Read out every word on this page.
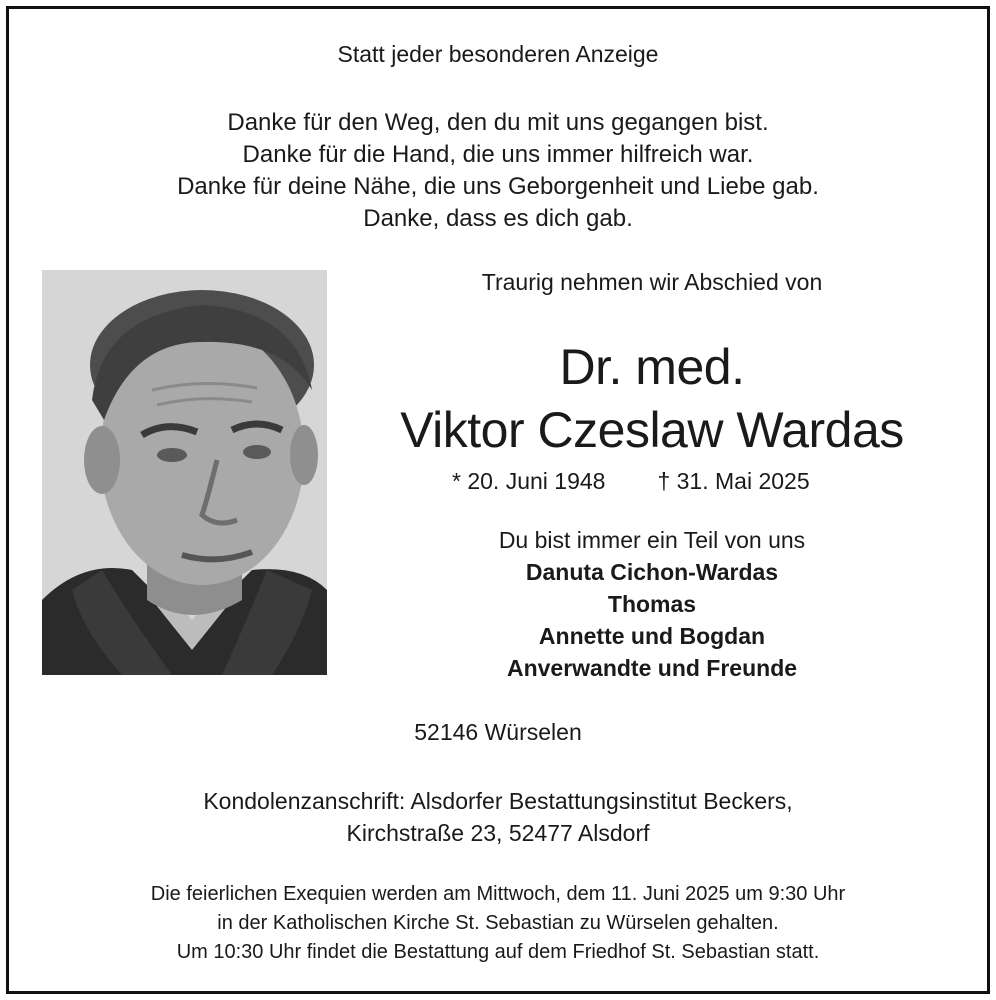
Statt jeder besonderen Anzeige
Danke für den Weg, den du mit uns gegangen bist.
Danke für die Hand, die uns immer hilfreich war.
Danke für deine Nähe, die uns Geborgenheit und Liebe gab.
Danke, dass es dich gab.
Traurig nehmen wir Abschied von
Dr. med.
Viktor Czeslaw Wardas
* 20. Juni 1948 † 31. Mai 2025
Du bist immer ein Teil von uns
Danuta Cichon-Wardas
Thomas
Annette und Bogdan
Anverwandte und Freunde
52146 Würselen
Kondolenzanschrift: Alsdorfer Bestattungsinstitut Beckers,
Kirchstraße 23, 52477 Alsdorf
Die feierlichen Exequien werden am Mittwoch, dem 11. Juni 2025 um 9:30 Uhr
in der Katholischen Kirche St. Sebastian zu Würselen gehalten.
Um 10:30 Uhr findet die Bestattung auf dem Friedhof St. Sebastian statt.
